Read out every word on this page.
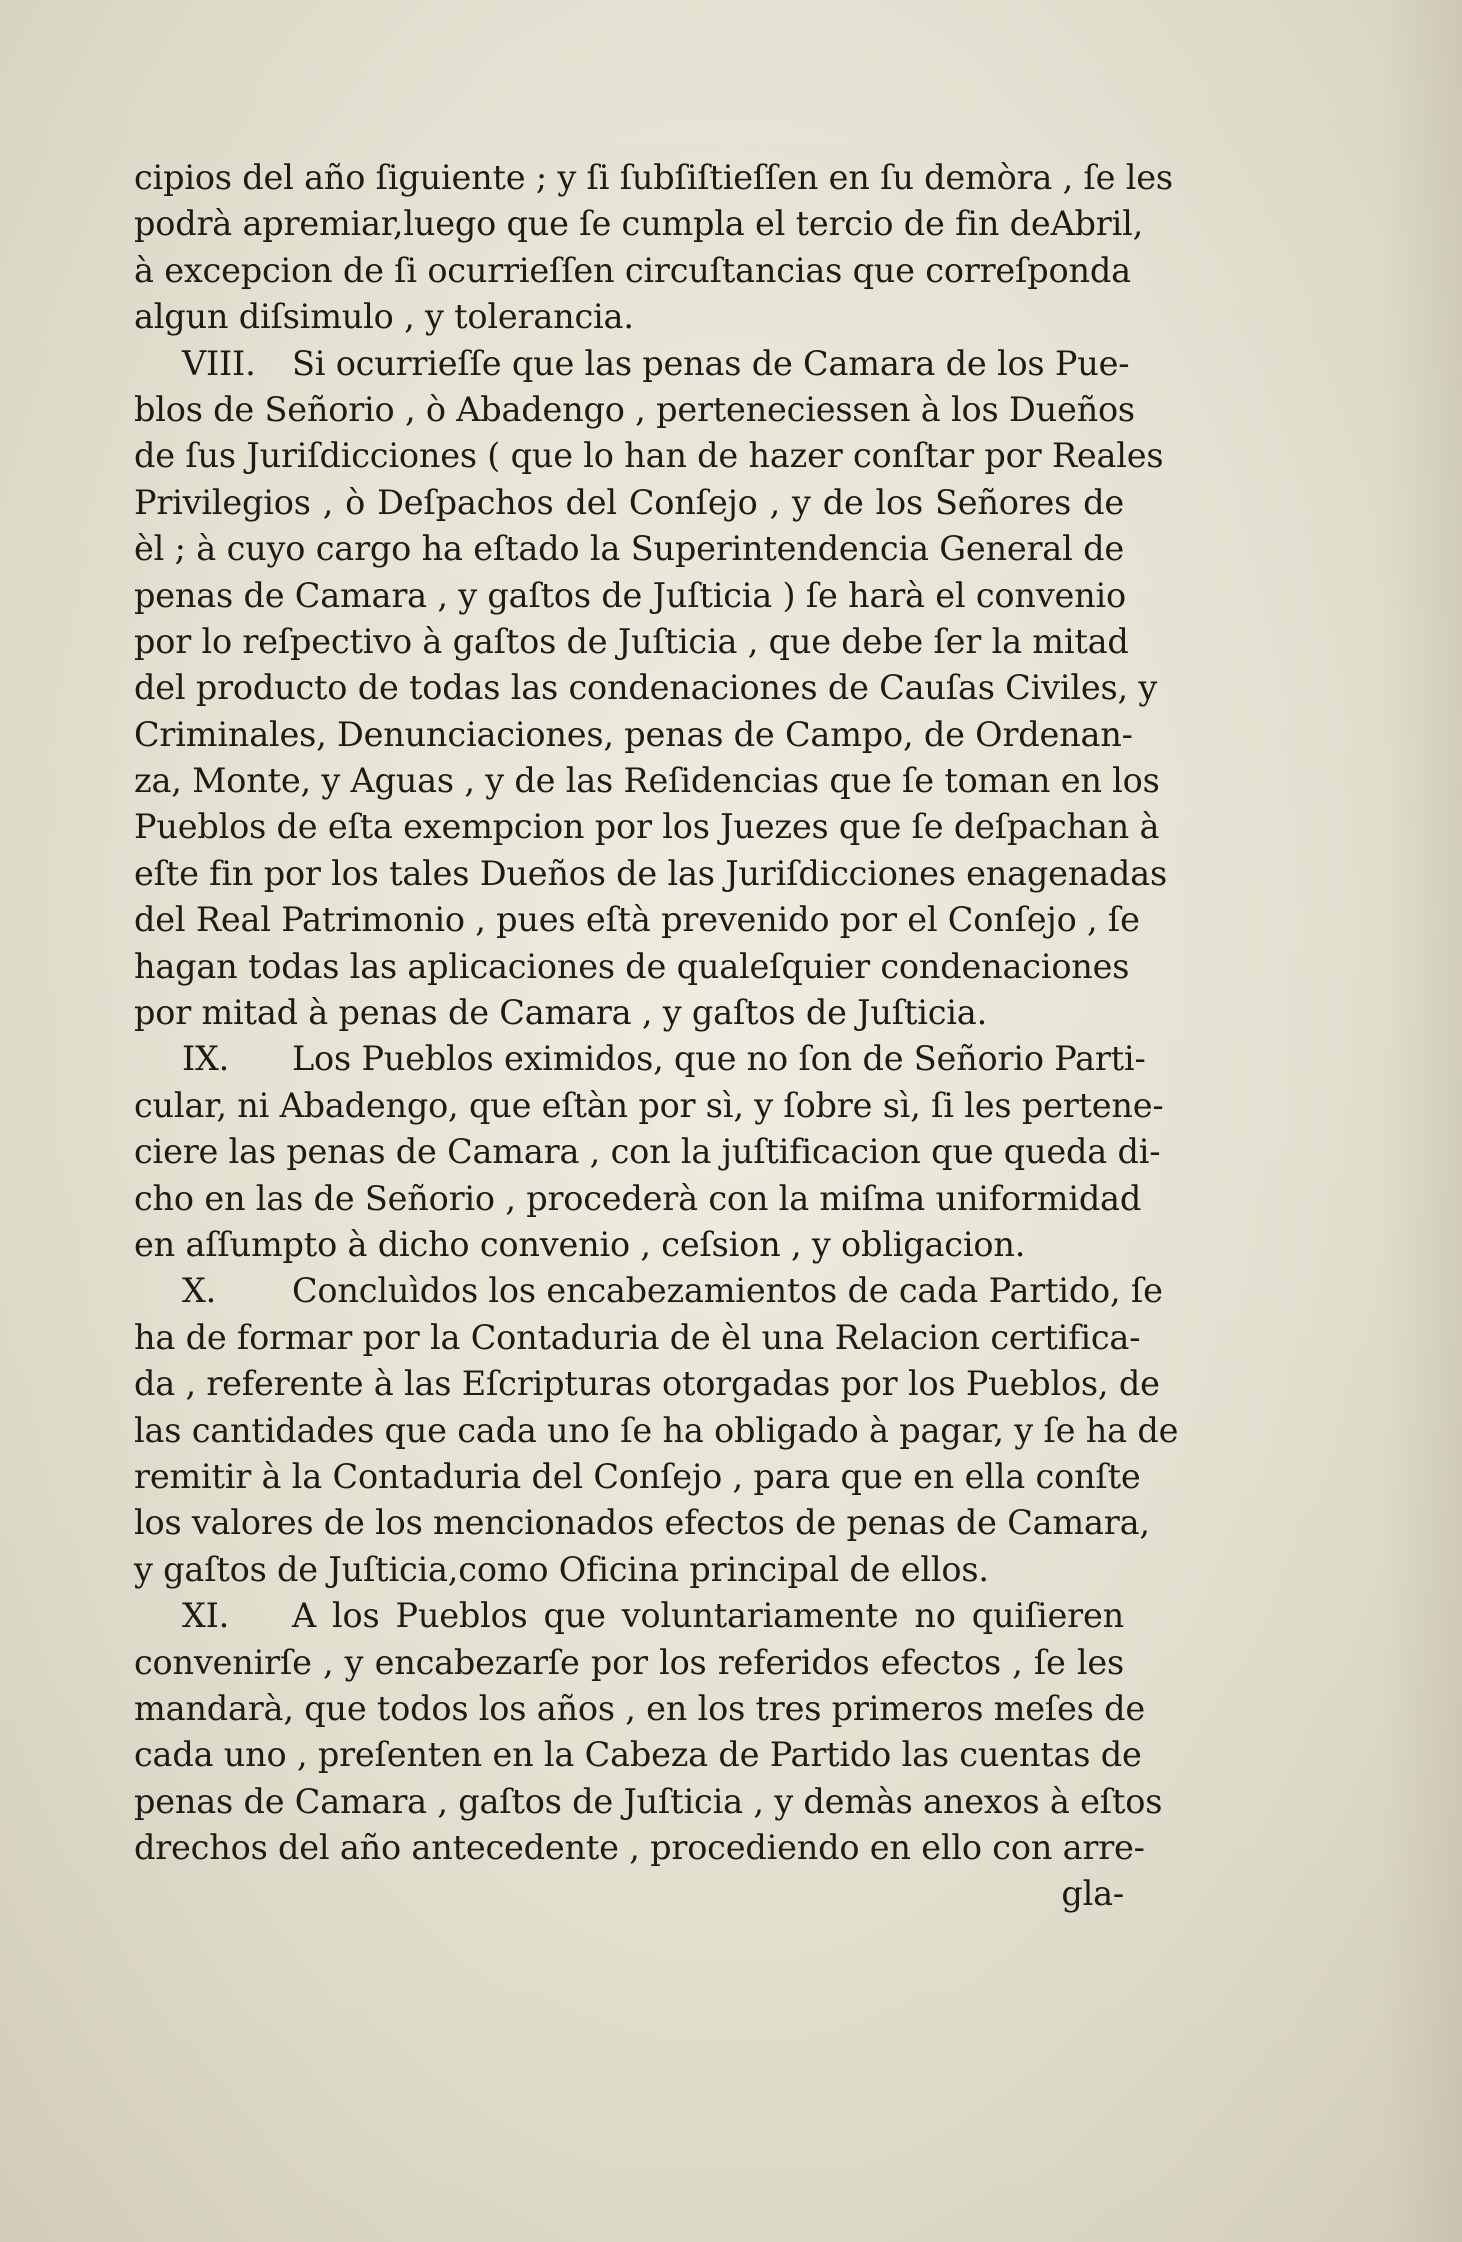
cipios del año ſiguiente ; y ſi ſubſiſtieſſen en ſu demòra , ſe les
podrà apremiar,luego que ſe cumpla el tercio de fin deAbril,
à excepcion de ſi ocurrieſſen circuſtancias que correſponda
algun diſsimulo , y tolerancia.
VIII. Si ocurrieſſe que las penas de Camara de los Pue-
blos de Señorio , ò Abadengo , perteneciessen à los Dueños
de ſus Juriſdicciones ( que lo han de hazer conſtar por Reales
Privilegios , ò Deſpachos del Conſejo , y de los Señores de
èl ; à cuyo cargo ha eſtado la Superintendencia General de
penas de Camara , y gaſtos de Juſticia ) ſe harà el convenio
por lo reſpectivo à gaſtos de Juſticia , que debe ſer la mitad
del producto de todas las condenaciones de Cauſas Civiles, y
Criminales, Denunciaciones, penas de Campo, de Ordenan-
za, Monte, y Aguas , y de las Reſidencias que ſe toman en los
Pueblos de eſta exempcion por los Juezes que ſe deſpachan à
eſte fin por los tales Dueños de las Juriſdicciones enagenadas
del Real Patrimonio , pues eſtà prevenido por el Conſejo , ſe
hagan todas las aplicaciones de qualeſquier condenaciones
por mitad à penas de Camara , y gaſtos de Juſticia.
IX. Los Pueblos eximidos, que no ſon de Señorio Parti-
cular, ni Abadengo, que eſtàn por sì, y ſobre sì, ſi les pertene-
ciere las penas de Camara , con la juſtificacion que queda di-
cho en las de Señorio , procederà con la miſma uniformidad
en aſſumpto à dicho convenio , ceſsion , y obligacion.
X. Concluìdos los encabezamientos de cada Partido, ſe
ha de formar por la Contaduria de èl una Relacion certifica-
da , referente à las Eſcripturas otorgadas por los Pueblos, de
las cantidades que cada uno ſe ha obligado à pagar, y ſe ha de
remitir à la Contaduria del Conſejo , para que en ella conſte
los valores de los mencionados efectos de penas de Camara,
y gaſtos de Juſticia,como Oficina principal de ellos.
XI. A los Pueblos que voluntariamente no quiſieren
convenirſe , y encabezarſe por los referidos efectos , ſe les
mandarà, que todos los años , en los tres primeros meſes de
cada uno , preſenten en la Cabeza de Partido las cuentas de
penas de Camara , gaſtos de Juſticia , y demàs anexos à eſtos
drechos del año antecedente , procediendo en ello con arre-
gla-
